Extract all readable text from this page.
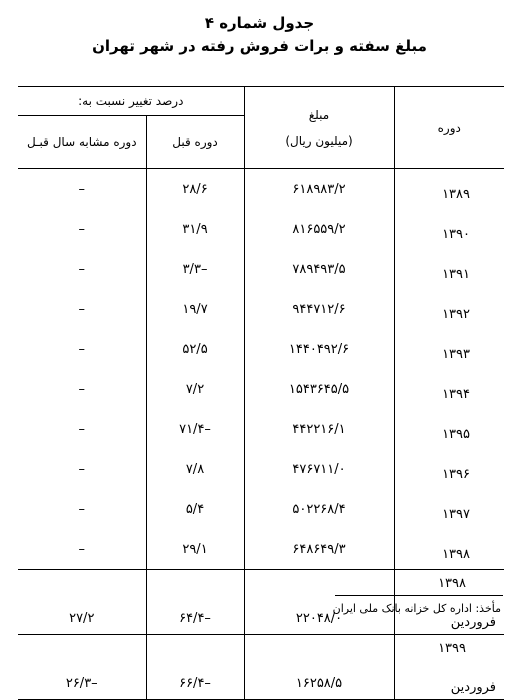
جدول شماره ۴
مبلغ سفته و برات فروش رفته در شهر تهران
دوره	مبلغ
(میلیون ریال)	درصد تغییر نسبت به:	
		دوره قبل	دوره مشابه سال قبـل
۱۳۸۹	۶۱۸۹۸۳/۲	۲۸/۶	–
۱۳۹۰	۸۱۶۵۵۹/۲	۳۱/۹	–
۱۳۹۱	۷۸۹۴۹۳/۵	–۳/۳	–
۱۳۹۲	۹۴۴۷۱۲/۶	۱۹/۷	–
۱۳۹۳	۱۴۴۰۴۹۲/۶	۵۲/۵	–
۱۳۹۴	۱۵۴۳۶۴۵/۵	۷/۲	–
۱۳۹۵	۴۴۲۲۱۶/۱	–۷۱/۴	–
۱۳۹۶	۴۷۶۷۱۱/۰	۷/۸	–
۱۳۹۷	۵۰۲۲۶۸/۴	۵/۴	–
۱۳۹۸	۶۴۸۶۴۹/۳	۲۹/۱	–

۱۳۹۸
فروردین	۲۲۰۴۸/۰	–۶۴/۴	۲۷/۲

۱۳۹۹
فروردین	۱۶۲۵۸/۵	–۶۶/۴	–۲۶/۳
مأخذ: اداره کل خزانه بانک ملی ایران
